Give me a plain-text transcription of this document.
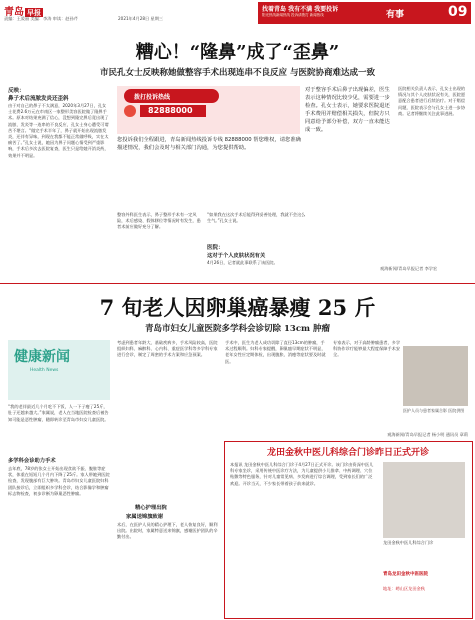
青岛 早报
责编：王爱丽 美编：李涛 审读：赵孙芹	2021年4月28日 星期三
找着青岛 我有不满 我要投诉
阳光热线新闻热线 投诉请拨打 新闻热线	有事	09
糟心！“隆鼻”成了“歪鼻”
市民孔女士反映称她做整容手术出现连串不良反应 与医院协商难达成一致
反映：
鼻子术后流脓发炎还歪斜
由于对自己的鼻子不太满意，2020年3月27日，孔女士花费2.6万元在市南区一家整形美容医院做了隆鼻手术。原本对结果充满了信心，没想到隆完鼻后竟出现了流脓、发炎等一连串的不良反应，孔女士身心遭受可谓苦不堪言。“做完手术半年了，鼻子就开始出现流脓发炎，还伴有异味，到现在我都不能正常做呼吸，实在太痛苦了。”孔女士说，她因为鼻子问题心情受到严重影响，手术后多次去医院复查，医生只是给她开消炎药，效果并不明显。
拨打投诉热线
82888000
您投诉我们全程跟进，青岛新闻热线投诉专线 82888000 帮您维权，请您准确描述情况，我们会及时与相关部门沟通，为您提供帮助。
对于整容手术后鼻子出现偏差，医生表示这种情况比较少见，需要进一步检查。孔女士表示，她要求医院退还手术费用并赔偿相关损失，但院方只同意给予部分补偿，双方一直未能达成一致。
整容外科医生表示，鼻子整形手术有一定风险，术后感染、假体移位等情况时有发生，患者术前应做好充分了解。
“如果我在这次手术后能得到妥善处理，我就不会这么生气。”孔女士说。
医院：
这对于个人皮肤状况有关
4月26日，记者就此事联系了该医院。
医院相关负责人表示，孔女士出现的情况与其个人皮肤状况有关，医院愿意配合患者进行后续治疗。对于赔偿问题，医院表示会与孔女士进一步协商。记者将继续关注此事进展。
观海新闻/青岛早报记者 李学宏
7 旬老人因卵巢癌暴瘦 25 斤
青岛市妇女儿童医院多学科会诊切除 13cm 肿瘤
健康新闻
Health News
“我的老伴最近几个月吃不下饭，人一下子瘦了25斤，肚子还越来越大。”家属说，老人在当地医院检查后被告知可能是恶性肿瘤，随即转诊至青岛市妇女儿童医院。
多学科会诊助力手术
去年底，78岁的张女士开始出现食欲不振、腹胀等症状，体重在短短几个月内下降了25斤。家人带她到医院检查，发现腹部有巨大肿块。青岛市妇女儿童医院妇科团队接诊后，立即组织多学科会诊，结合影像学和肿瘤标志物检查，初步诊断为卵巢恶性肿瘤。
考虑到患者年龄大、基础疾病多，手术风险较高，医院组织妇科、麻醉科、心内科、重症医学科等多学科专家进行会诊，制定了周密的手术方案和应急预案。
精心护理出院
家属送锦旗致谢
术后，在医护人员的精心护理下，老人恢复良好，顺利出院。出院时，家属特意送来锦旗，感谢医护团队的辛勤付出。
手术中，医生为老人成功切除了直径13cm的肿瘤，手术过程顺利。妇科专家提醒，卵巢癌早期症状不明显，老年女性应定期体检，出现腹胀、消瘦等症状要及时就医。
专家表示，对于高龄肿瘤患者，多学科协作诊疗能够最大程度保障手术安全。
医护人员与患者家属合影 医院供图
观海新闻/青岛早报记者 杨小明 通讯员 章莉
龙田金秋中医儿科综合门诊昨日正式开诊
本报讯 龙田金秋中医儿科综合门诊于4月27日正式开诊。该门诊由资深中医儿科专家坐诊，采用传统中医诊疗方法，为儿童提供小儿推拿、中药调理、穴位贴敷等特色服务，针对儿童常见病、多发病进行综合调理，受到家长们的广泛欢迎。开诊当天，不少家长带着孩子前来就诊。
龙田金秋中医儿科综合门诊
青岛龙田金秋中医医院
地址：崂山区龙田金秋
